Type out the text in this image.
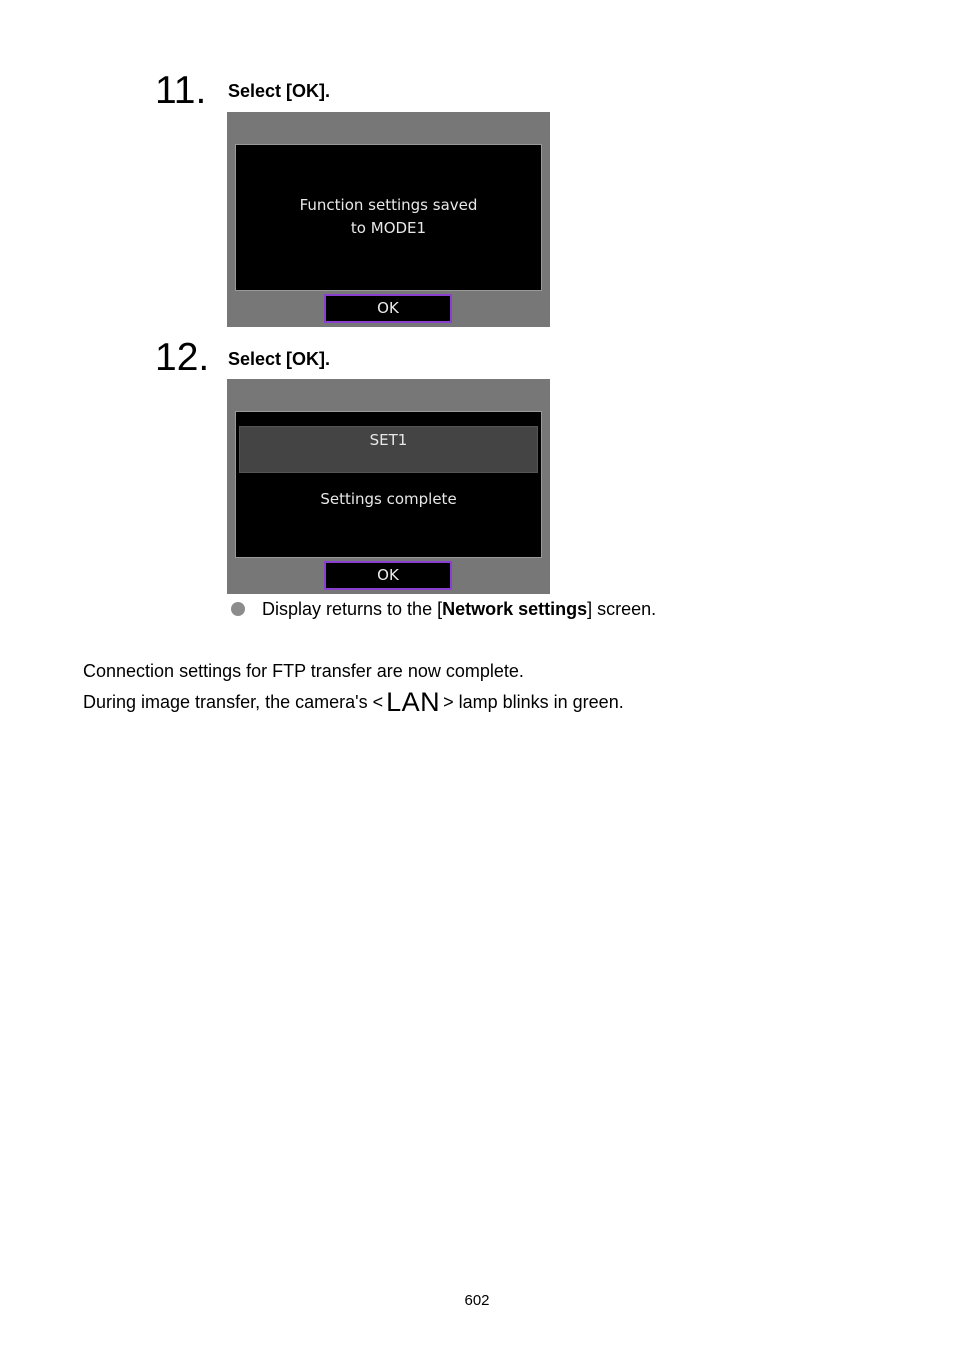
11. Select [OK].
Function settings saved
to MODE1
OK
12. Select [OK].
SET1
Settings complete
OK
Display returns to the [Network settings] screen.
Connection settings for FTP transfer are now complete.
During image transfer, the camera's < LAN > lamp blinks in green.
602
